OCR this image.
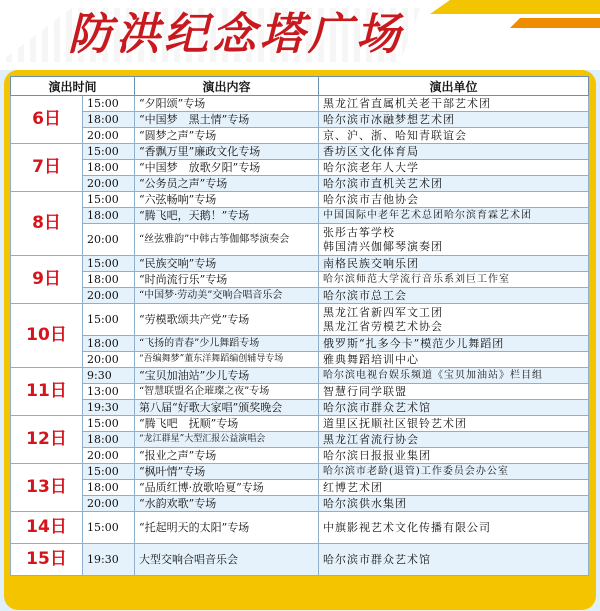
防洪纪念塔广场
演出时间		演出内容	演出单位
6日	15:00	“夕阳颂”专场	黑龙江省直属机关老干部艺术团
	18:00	“中国梦　黑土情”专场	哈尔滨市冰融梦想艺术团
	20:00	“圆梦之声”专场	京、沪、浙、哈知青联谊会
7日	15:00	“香飘万里”廉政文化专场	香坊区文化体育局
	18:00	“中国梦　放歌夕阳”专场	哈尔滨老年人大学
	20:00	“公务员之声”专场	哈尔滨市直机关艺术团
8日	15:00	“六弦畅响”专场	哈尔滨市吉他协会
	18:00	“腾飞吧，天鹅！”专场	中国国际中老年艺术总团哈尔滨育霖艺术团
	20:00	“丝弦雅韵”中韩古筝伽倻琴演奏会	张彤古筝学校
韩国清兴伽倻琴演奏团

9日	15:00	“民族交响”专场	南格民族交响乐团
	18:00	“时尚流行乐”专场	哈尔滨师范大学流行音乐系刘巨工作室
	20:00	“中国梦·劳动美”交响合唱音乐会	哈尔滨市总工会
10日	15:00	“劳模歌颂共产党”专场	黑龙江省新四军文工团
黑龙江省劳模艺术协会

	18:00	“飞扬的青春”少儿舞蹈专场	俄罗斯“扎多今卡”模范少儿舞蹈团
	20:00	“吾编舞梦”董东洋舞蹈编创辅导专场	雅典舞蹈培训中心
11日	9:30	“宝贝加油站”少儿专场	哈尔滨电视台娱乐频道《宝贝加油站》栏目组
	13:00	“智慧联盟名企璀璨之夜”专场	智慧行同学联盟
	19:30	第八届“好歌大家唱”颁奖晚会	哈尔滨市群众艺术馆
12日	15:00	“腾飞吧　抚顺”专场	道里区抚顺社区银铃艺术团
	18:00	“龙江群星”大型汇报公益演唱会	黑龙江省流行协会
	20:00	“报业之声”专场	哈尔滨日报报业集团
13日	15:00	“枫叶情”专场	哈尔滨市老龄(退管)工作委员会办公室
	18:00	“品质红博·放歌哈夏”专场	红博艺术团
	20:00	“水韵欢歌”专场	哈尔滨供水集团
14日	15:00	“托起明天的太阳”专场	中旗影视艺术文化传播有限公司
15日	19:30	大型交响合唱音乐会	哈尔滨市群众艺术馆
